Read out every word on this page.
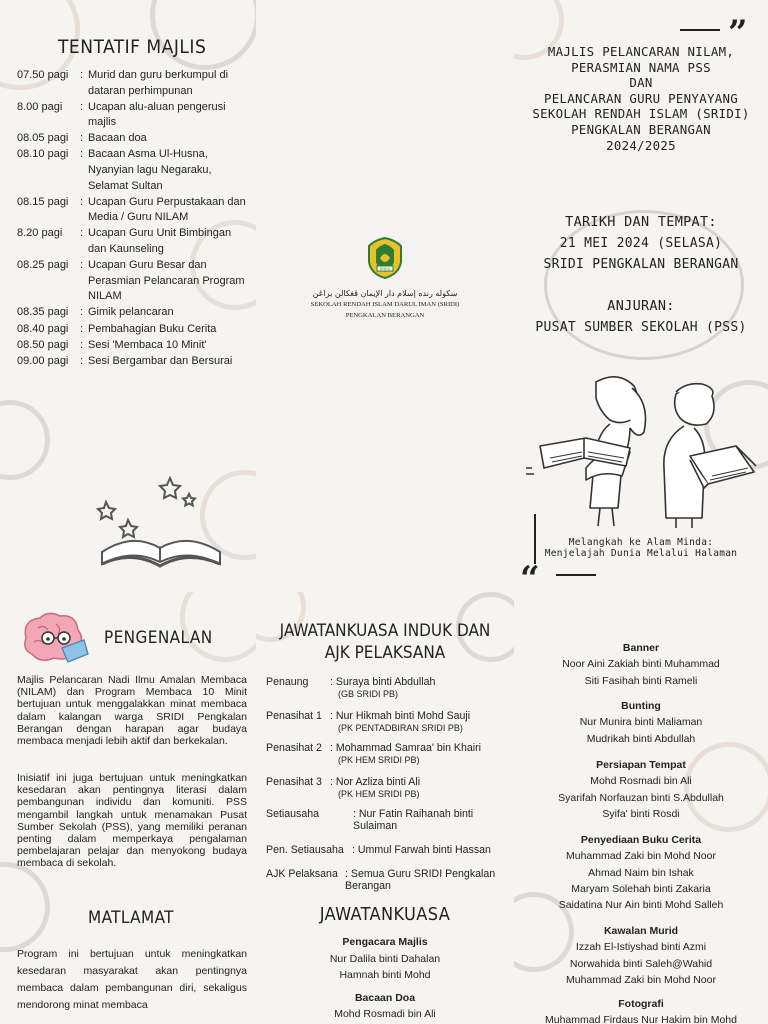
TENTATIF MAJLIS
07.50 pagi	: Murid dan guru berkumpul di dataran perhimpunan
8.00 pagi	: Ucapan alu-aluan pengerusi majlis
08.05 pagi	: Bacaan doa
08.10 pagi	: Bacaan Asma Ul-Husna, Nyanyian lagu Negaraku, Selamat Sultan
08.15 pagi	: Ucapan Guru Perpustakaan dan Media / Guru NILAM
8.20 pagi	: Ucapan Guru Unit Bimbingan dan Kaunseling
08.25 pagi	: Ucapan Guru Besar dan Perasmian Pelancaran Program NILAM
08.35 pagi	: Gimik pelancaran
08.40 pagi	: Pembahagian Buku Cerita
08.50 pagi	: Sesi 'Membaca 10 Minit'
09.00 pagi	: Sesi Bergambar dan Bersurai
SRIDI
سکوله رنده إسلام دار الإيمان ڤڠکالن براڠن
SEKOLAH RENDAH ISLAM DARUL IMAN (SRIDI)
PENGKALAN BERANGAN
”
MAJLIS PELANCARAN NILAM,
PERASMIAN NAMA PSS
DAN
PELANCARAN GURU PENYAYANG
SEKOLAH RENDAH ISLAM (SRIDI)
PENGKALAN BERANGAN
2024/2025
TARIKH DAN TEMPAT:
21 MEI 2024 (SELASA)
SRIDI PENGKALAN BERANGAN
ANJURAN:
PUSAT SUMBER SEKOLAH (PSS)
Melangkah ke Alam Minda:
Menjelajah Dunia Melalui Halaman
“
PENGENALAN

Majlis Pelancaran Nadi Ilmu Amalan Membaca (NILAM) dan Program Membaca 10 Minit bertujuan untuk menggalakkan minat membaca dalam kalangan warga SRIDI Pengkalan Berangan dengan harapan agar budaya membaca menjadi lebih aktif dan berkekalan.

Inisiatif ini juga bertujuan untuk meningkatkan kesedaran akan pentingnya literasi dalam pembangunan individu dan komuniti. PSS mengambil langkah untuk menamakan Pusat Sumber Sekolah (PSS), yang memiliki peranan penting dalam memperkaya pengalaman pembelajaran pelajar dan menyokong budaya membaca di sekolah.

MATLAMAT

Program ini bertujuan untuk meningkatkan kesedaran masyarakat akan pentingnya membaca dalam pembangunan diri, sekaligus mendorong minat membaca

JAWATANKUASA INDUK DAN
AJK PELAKSANA
Penaung	: Suraya binti Abdullah
(GB SRIDI PB)
Penasihat 1 : Nur Hikmah binti Mohd Sauji
(PK PENTADBIRAN SRIDI PB)
Penasihat 2 : Mohammad Samraa' bin Khairi
(PK HEM SRIDI PB)
Penasihat 3 : Nor Azliza binti Ali
(PK HEM SRIDI PB)
Setiausaha	: Nur Fatin Raihanah binti Sulaiman
Pen. Setiausaha : Ummul Farwah binti Hassan
AJK Pelaksana : Semua Guru SRIDI Pengkalan Berangan
JAWATANKUASA
Pengacara Majlis
Nur Dalila binti Dahalan
Hamnah binti Mohd
Bacaan Doa
Mohd Rosmadi bin Ali
Banner
Noor Aini Zakiah binti Muhammad
Siti Fasihah binti Rameli
Bunting
Nur Munira binti Maliaman
Mudrikah binti Abdullah
Persiapan Tempat
Mohd Rosmadi bin Ali
Syarifah Norfauzan binti S.Abdullah
Syifa' binti Rosdi
Penyediaan Buku Cerita
Muhammad Zaki bin Mohd Noor
Ahmad Naim bin Ishak
Maryam Solehah binti Zakaria
Saidatina Nur Ain binti Mohd Salleh
Kawalan Murid
Izzah El-Istiyshad binti Azmi
Norwahida binti Saleh@Wahid
Muhammad Zaki bin Mohd Noor
Fotografi
Muhammad Firdaus Nur Hakim bin Mohd
